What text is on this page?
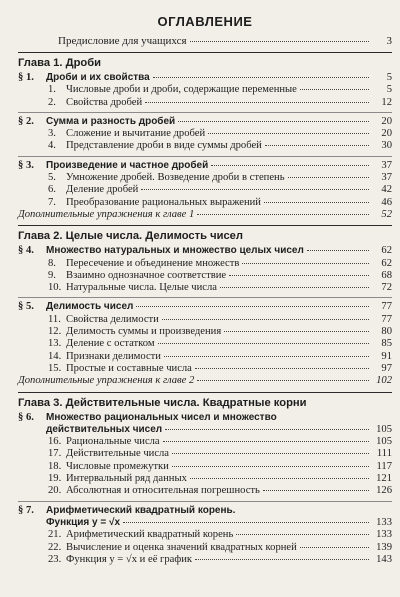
ОГЛАВЛЕНИЕ
Предисловие для учащихся	3
Глава 1. Дроби
§ 1.	Дроби и их свойства	5
1. Числовые дроби и дроби, содержащие переменные	5
2. Свойства дробей	12
§ 2.	Сумма и разность дробей	20
3. Сложение и вычитание дробей	20
4. Представление дроби в виде суммы дробей	30
§ 3.	Произведение и частное дробей	37
5. Умножение дробей. Возведение дроби в степень	37
6. Деление дробей	42
7. Преобразование рациональных выражений	46
Дополнительные упражнения к главе 1	52
Глава 2. Целые числа. Делимость чисел
§ 4.	Множество натуральных и множество целых чисел	62
8. Пересечение и объединение множеств	62
9. Взаимно однозначное соответствие	68
10. Натуральные числа. Целые числа	72
§ 5.	Делимость чисел	77
11. Свойства делимости	77
12. Делимость суммы и произведения	80
13. Деление с остатком	85
14. Признаки делимости	91
15. Простые и составные числа	97
Дополнительные упражнения к главе 2	102
Глава 3. Действительные числа. Квадратные корни
§ 6.	Множество рациональных чисел и множество
действительных чисел	105
16. Рациональные числа	105
17. Действительные числа	111
18. Числовые промежутки	117
19. Интервальный ряд данных	121
20. Абсолютная и относительная погрешность	126
§ 7.	Арифметический квадратный корень.
Функция y = √x	133
21. Арифметический квадратный корень	133
22. Вычисление и оценка значений квадратных корней	139
23. Функция y = √x и её график	143
